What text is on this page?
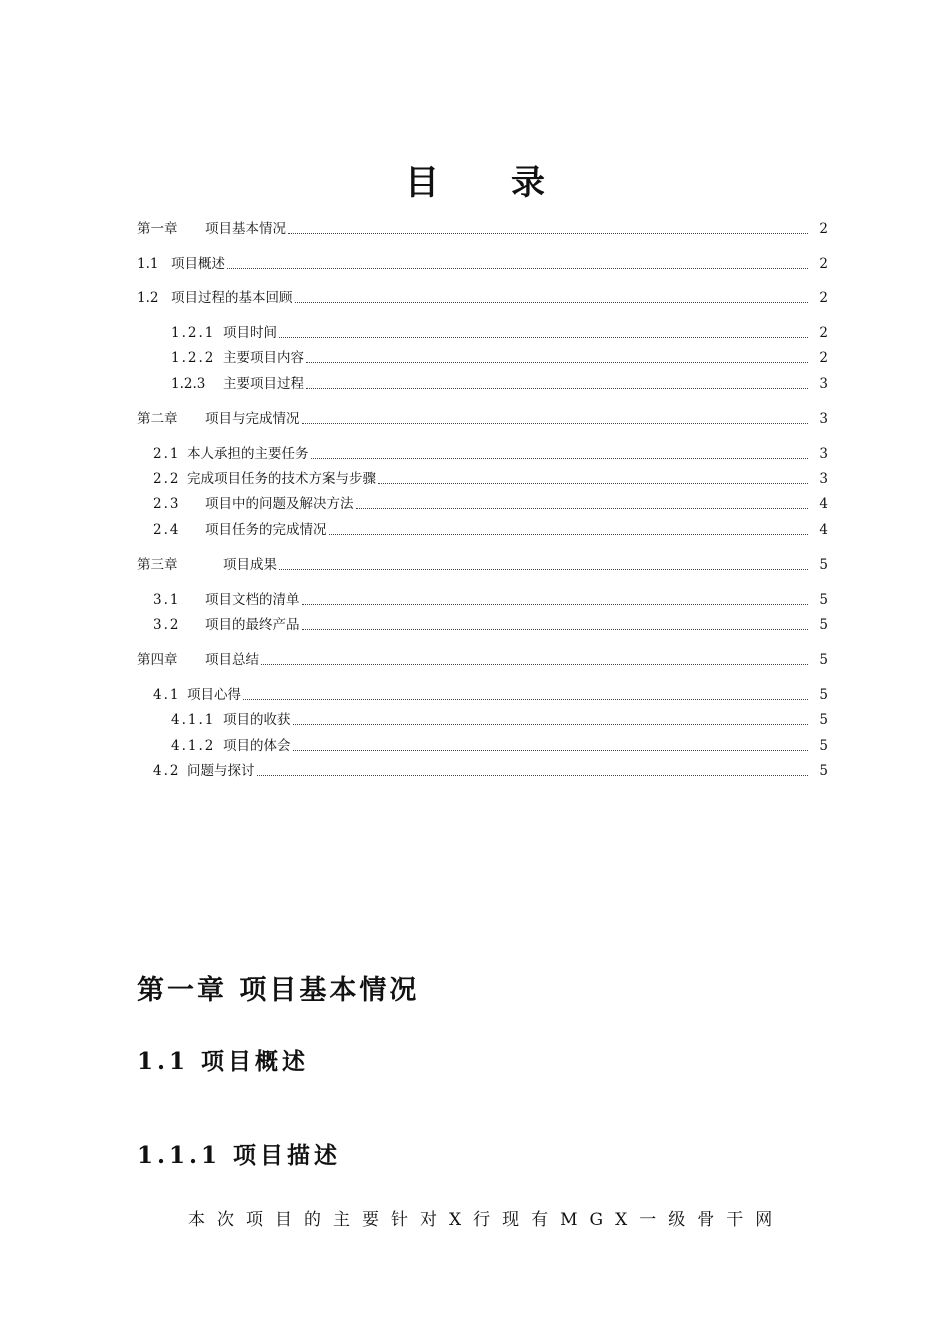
目 录
第一章	项目基本情况	2
1.1 项目概述	2
1.2 项目过程的基本回顾	2
1.2.1 项目时间	2
1.2.2 主要项目内容	2
1.2.3	主要项目过程	3
第二章	项目与完成情况	3
2.1 本人承担的主要任务	3
2.2 完成项目任务的技术方案与步骤	3
2.3	项目中的问题及解决方法	4
2.4	项目任务的完成情况	4
第三章	项目成果	5
3.1	项目文档的清单	5
3.2	项目的最终产品	5
第四章	项目总结	5
4.1 项目心得	5
4.1.1 项目的收获	5
4.1.2 项目的体会	5
4.2 问题与探讨	5
第一章 项目基本情况
1.1 项目概述
1.1.1 项目描述
本次项目的主要针对X行现有MGX一级骨干网
